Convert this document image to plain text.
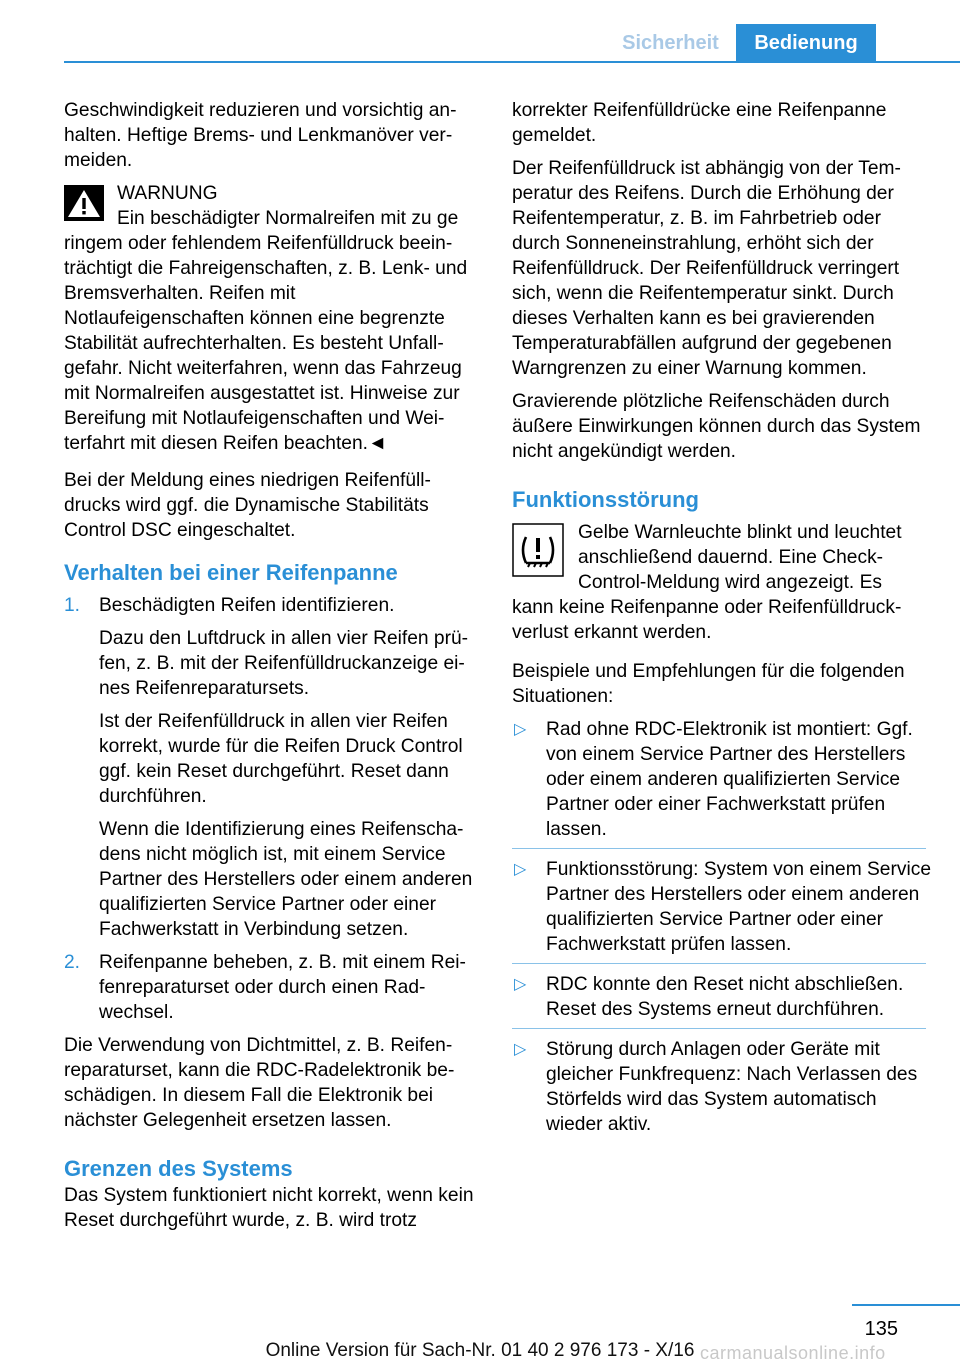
Sicherheit	Bedienung

Geschwindigkeit reduzieren und vorsichtig anhalten. Heftige Brems- und Lenkmanöver vermeiden.

WARNUNG

Ein beschädigter Normalreifen mit zu ge

ringem oder fehlendem Reifenfülldruck beeinträchtigt die Fahreigenschaften, z. B. Lenk- und Bremsverhalten. Reifen mit Notlaufeigenschaften können eine begrenzte Stabilität aufrechterhalten. Es besteht Unfallgefahr. Nicht weiterfahren, wenn das Fahrzeug mit Normalreifen ausgestattet ist. Hinweise zur Bereifung mit Notlaufeigenschaften und Weiterfahrt mit diesen Reifen beachten.◄

Bei der Meldung eines niedrigen Reifenfülldrucks wird ggf. die Dynamische Stabilitäts Control DSC eingeschaltet.

Verhalten bei einer Reifenpanne
1. Beschädigten Reifen identifizieren.

Dazu den Luftdruck in allen vier Reifen prüfen, z. B. mit der Reifenfülldruckanzeige eines Reifenreparatursets.

Ist der Reifenfülldruck in allen vier Reifen korrekt, wurde für die Reifen Druck Control ggf. kein Reset durchgeführt. Reset dann durchführen.

Wenn die Identifizierung eines Reifenschadens nicht möglich ist, mit einem Service Partner des Herstellers oder einem anderen qualifizierten Service Partner oder einer Fachwerkstatt in Verbindung setzen.

2. Reifenpanne beheben, z. B. mit einem Reifenreparaturset oder durch einen Radwechsel.

Die Verwendung von Dichtmittel, z. B. Reifenreparaturset, kann die RDC-Radelektronik beschädigen. In diesem Fall die Elektronik bei nächster Gelegenheit ersetzen lassen.

Grenzen des Systems

Das System funktioniert nicht korrekt, wenn kein Reset durchgeführt wurde, z. B. wird trotz

korrekter Reifenfülldrücke eine Reifenpanne gemeldet.

Der Reifenfülldruck ist abhängig von der Temperatur des Reifens. Durch die Erhöhung der Reifentemperatur, z. B. im Fahrbetrieb oder durch Sonneneinstrahlung, erhöht sich der Reifenfülldruck. Der Reifenfülldruck verringert sich, wenn die Reifentemperatur sinkt. Durch dieses Verhalten kann es bei gravierenden Temperaturabfällen aufgrund der gegebenen Warngrenzen zu einer Warnung kommen.

Gravierende plötzliche Reifenschäden durch äußere Einwirkungen können durch das System nicht angekündigt werden.

Funktionsstörung

Gelbe Warnleuchte blinkt und leuchtet
anschließend dauernd. Eine Check-
Control-Meldung wird angezeigt. Es
kann keine Reifenpanne oder Reifenfülldruckverlust erkannt werden.

Beispiele und Empfehlungen für die folgenden Situationen:

▷ Rad ohne RDC-Elektronik ist montiert: Ggf. von einem Service Partner des Herstellers oder einem anderen qualifizierten Service Partner oder einer Fachwerkstatt prüfen lassen.
▷ Funktionsstörung: System von einem Service Partner des Herstellers oder einem anderen qualifizierten Service Partner oder einer Fachwerkstatt prüfen lassen.
▷ RDC konnte den Reset nicht abschließen. Reset des Systems erneut durchführen.
▷ Störung durch Anlagen oder Geräte mit gleicher Funkfrequenz: Nach Verlassen des Störfelds wird das System automatisch wieder aktiv.
135
Online Version für Sach-Nr. 01 40 2 976 173 - X/16 carmanualsonline.info
